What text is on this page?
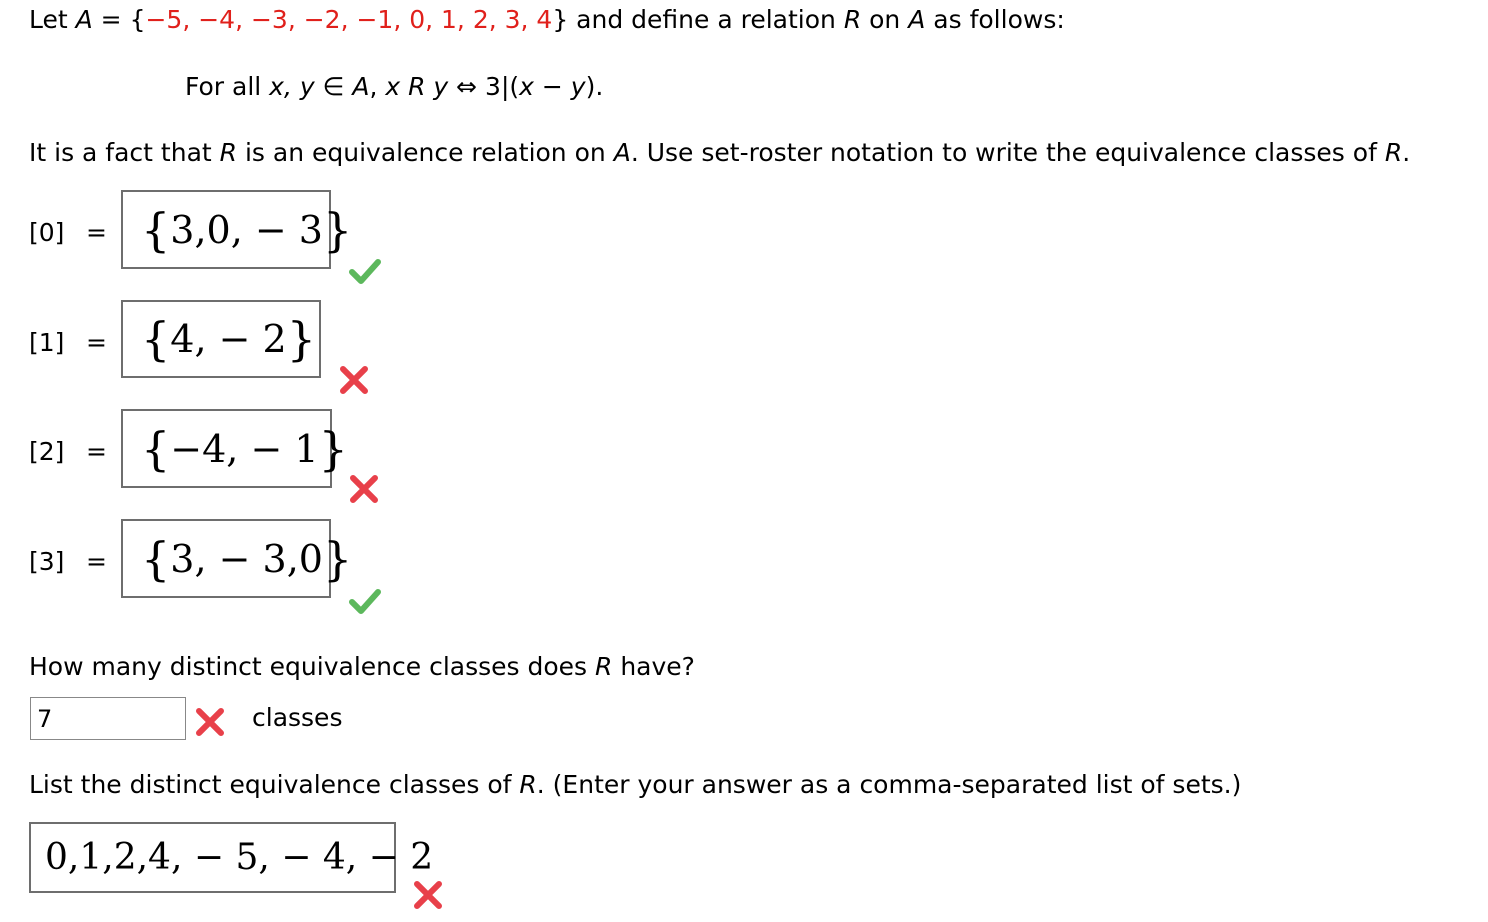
Let A = {−5, −4, −3, −2, −1, 0, 1, 2, 3, 4} and define a relation R on A as follows:
For all x, y ∈ A, x R y ⇔ 3|(x − y).
It is a fact that R is an equivalence relation on A. Use set-roster notation to write the equivalence classes of R.
[0] = { 3,0, − 3 }
[1] = { 4, − 2 }
[2] = { −4, − 1 }
[3] = { 3, − 3,0 }
How many distinct equivalence classes does R have?
7
classes
List the distinct equivalence classes of R. (Enter your answer as a comma-separated list of sets.)
0,1,2,4, − 5, − 4, − 2
